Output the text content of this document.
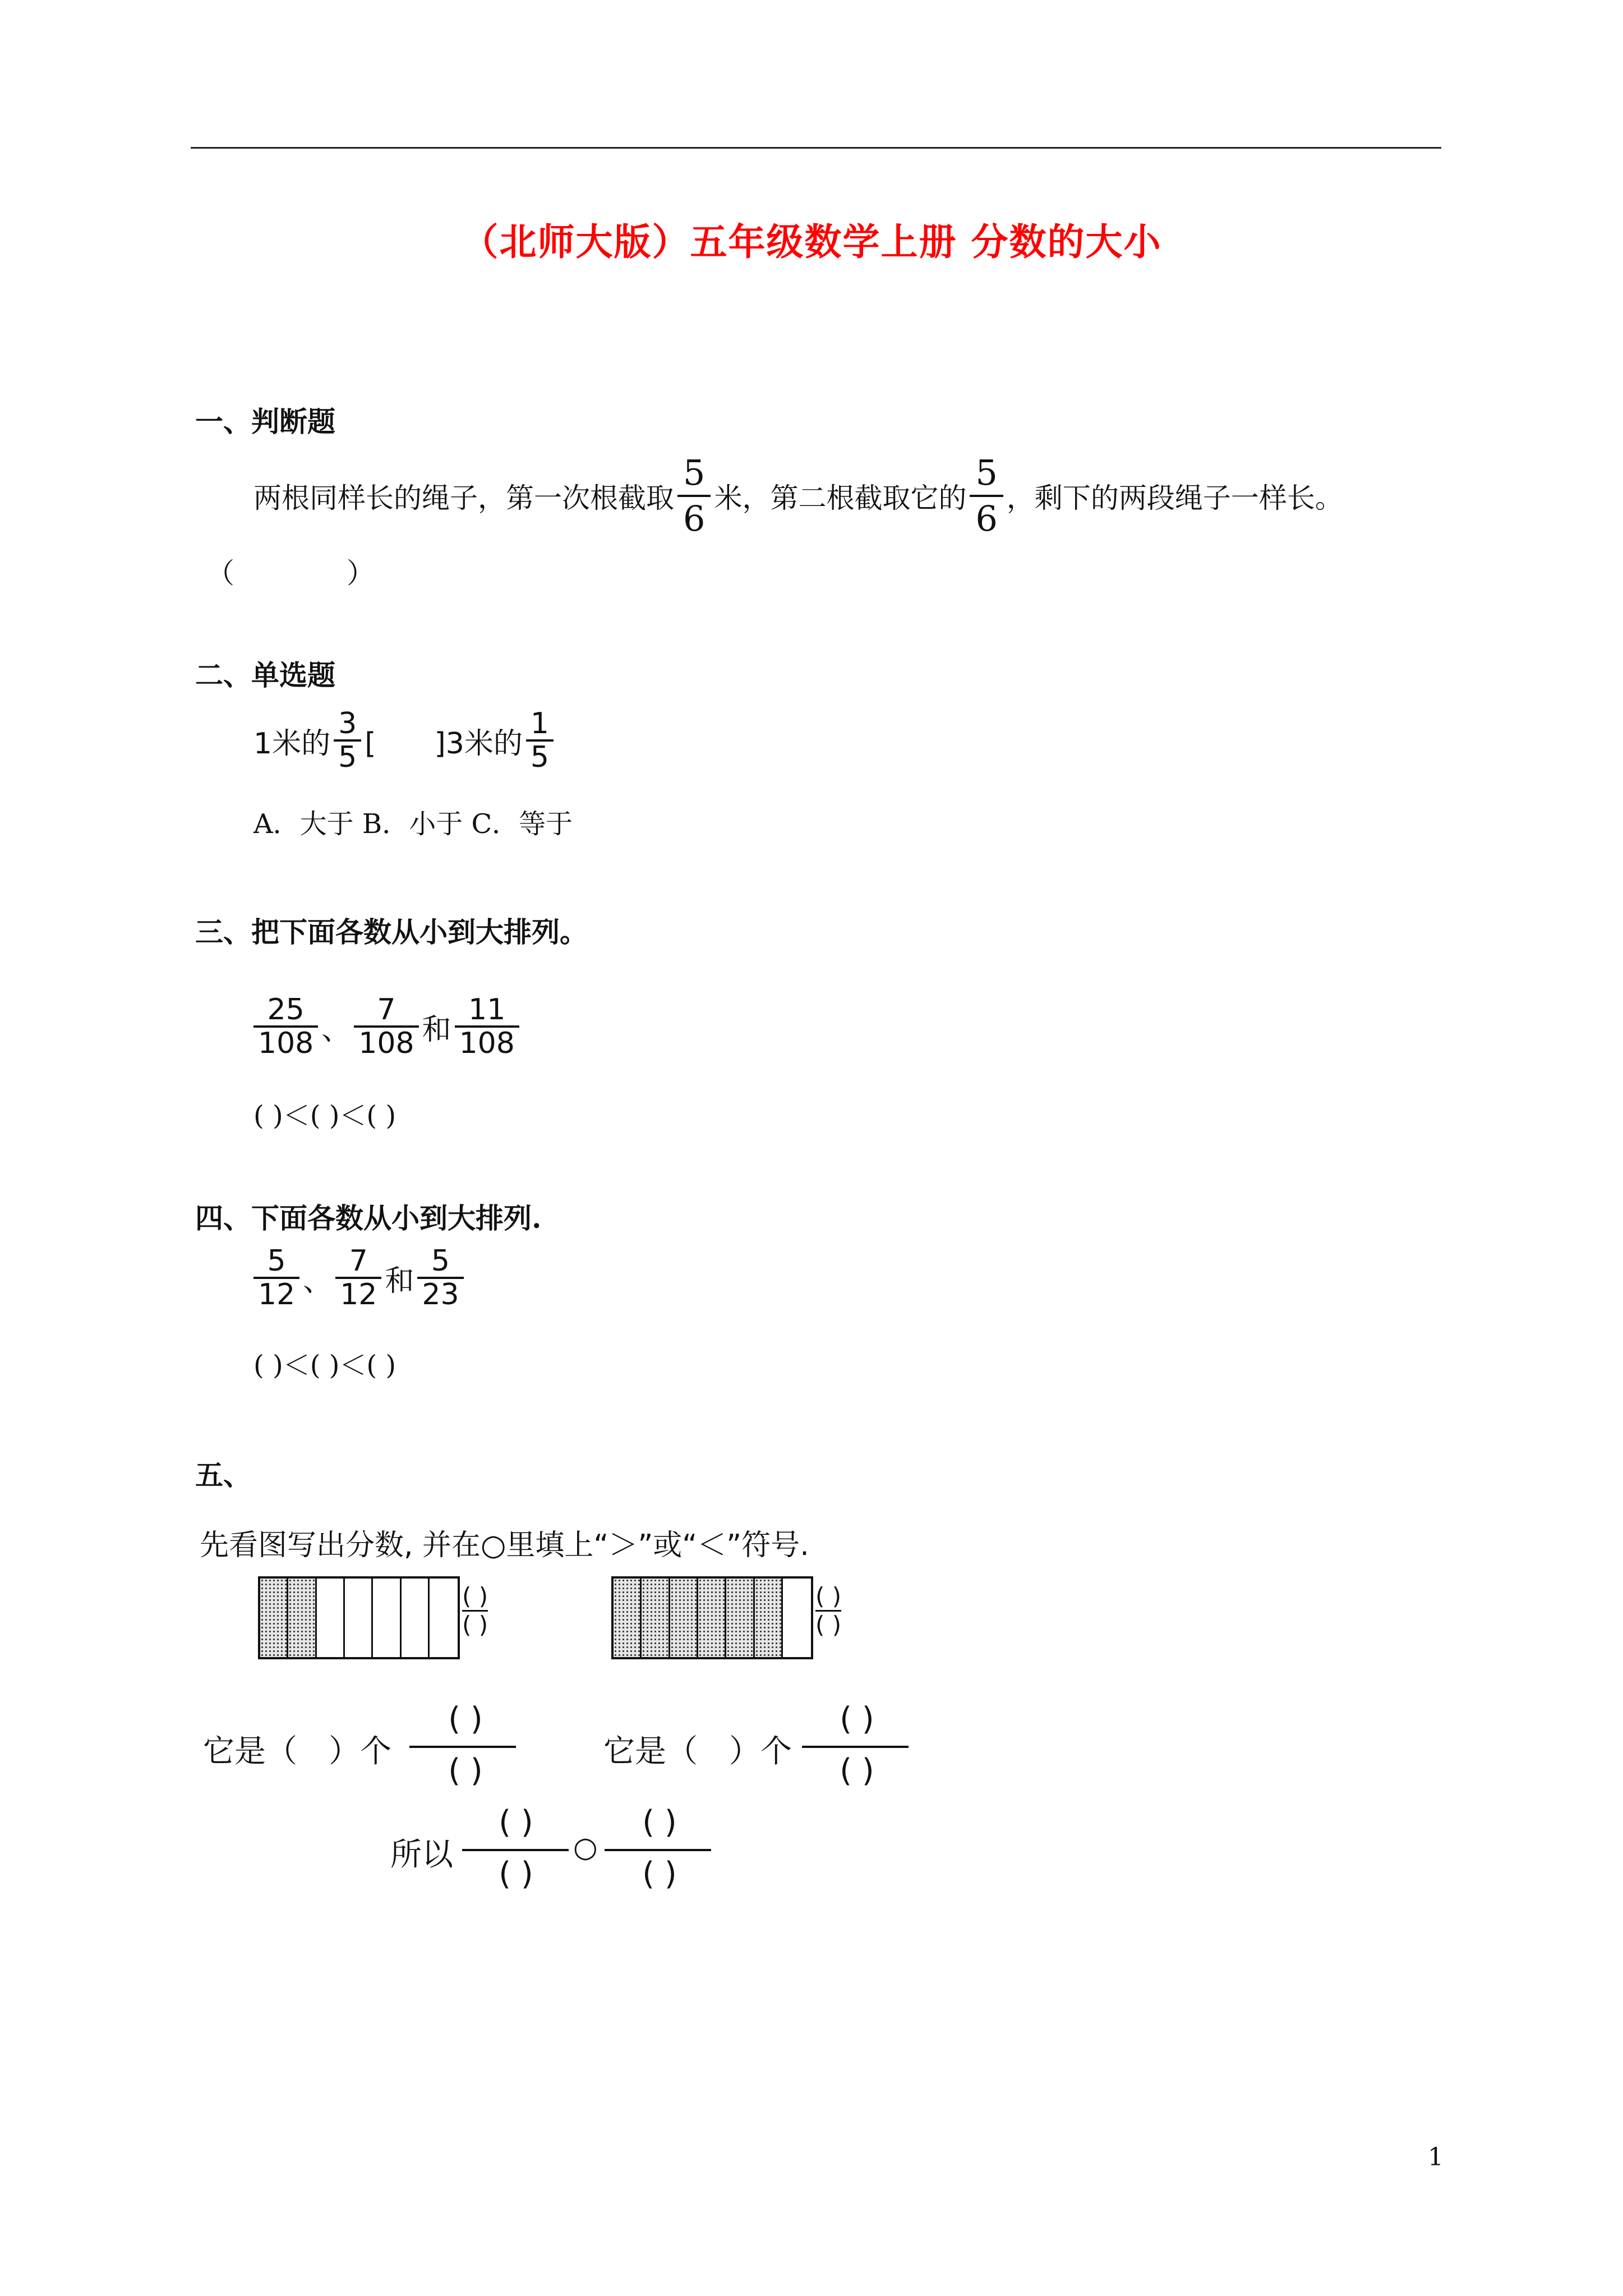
（北师大版）五年级数学上册 分数的大小
一、判断题
两根同样长的绳子，第一次根截取 $\frac{5}{6}$ 米，第二根截取它的 $\frac{5}{6}$ ，剩下的两段绳子一样长。
（　　　　）
二、单选题
1米的 $\frac{3}{5}$ [　　] 3米的 $\frac{1}{5}$
A．大于 B．小于 C．等于
三、把下面各数从小到大排列。
$\frac{25}{108}$ 、 $\frac{7}{108}$ 和 $\frac{11}{108}$
( )＜( )＜( )
四、下面各数从小到大排列.
$\frac{5}{12}$ 、 $\frac{7}{12}$ 和 $\frac{5}{23}$
( )＜( )＜( )
五、
先看图写出分数, 并在○里填上“＞”或“＜”符号.
( )
( )
( )
( )
它是（　）个
( )
( )
它是（　）个
( )
( )
所以
( )
( )
○
( )
( )
1
